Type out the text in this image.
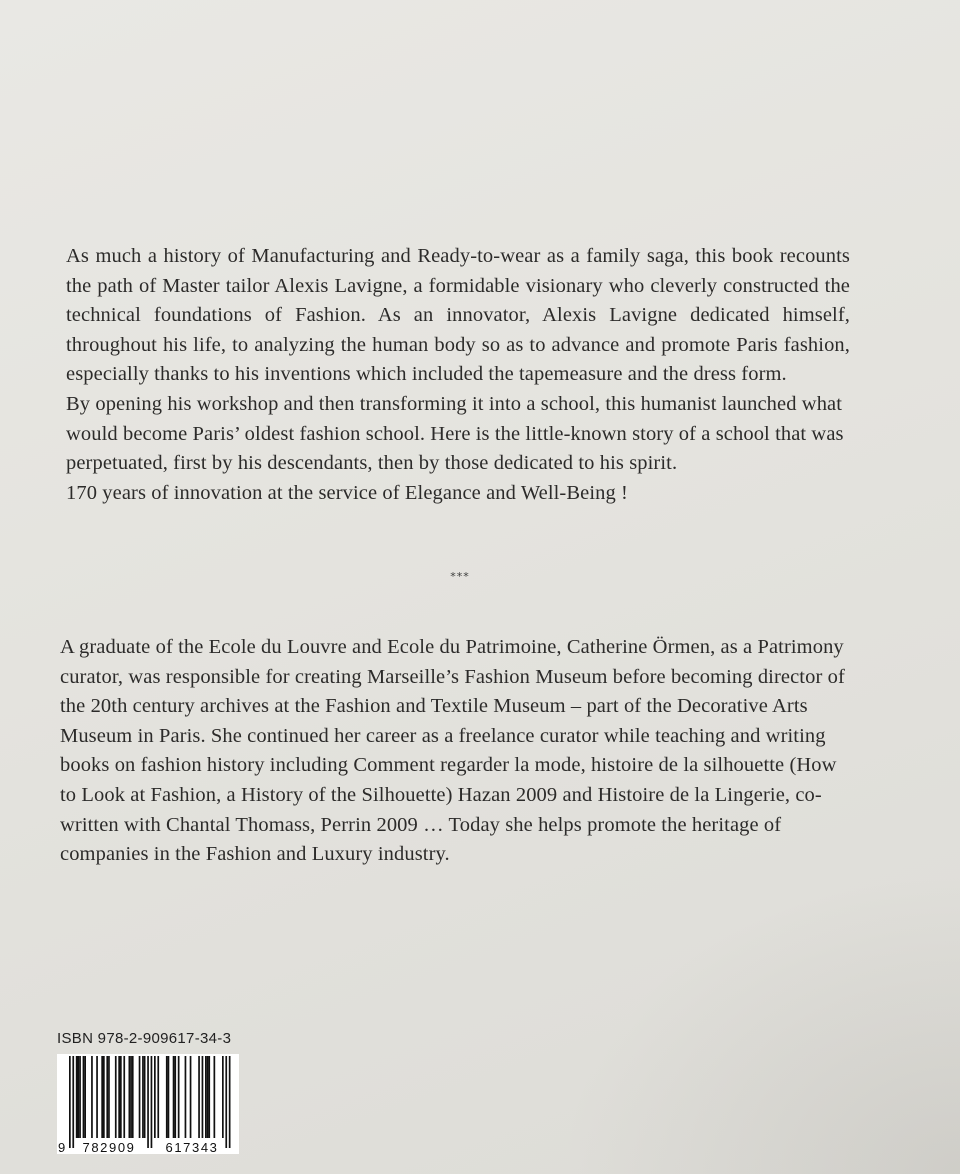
As much a history of Manufacturing and Ready-to-wear as a family saga, this book recounts the path of Master tailor Alexis Lavigne, a formidable visionary who cleverly constructed the technical foundations of Fashion. As an innovator, Alexis Lavigne dedicated himself, throughout his life, to analyzing the human body so as to advance and promote Paris fashion, especially thanks to his inventions which included the tapemeasure and the dress form.

By opening his workshop and then transforming it into a school, this humanist launched what would become Paris’ oldest fashion school. Here is the little-known story of a school that was perpetuated, first by his descendants, then by those dedicated to his spirit.

170 years of innovation at the service of Elegance and Well-Being !

***

A graduate of the Ecole du Louvre and Ecole du Patrimoine, Catherine Örmen, as a Patrimony curator, was responsible for creating Marseille’s Fashion Museum before becoming director of the 20th century archives at the Fashion and Textile Museum – part of the Decorative Arts Museum in Paris. She continued her career as a freelance curator while teaching and writing books on fashion history including Comment regarder la mode, histoire de la silhouette (How to Look at Fashion, a History of the Silhouette) Hazan 2009 and Histoire de la Lingerie, co-written with Chantal Thomass, Perrin 2009 … Today she helps promote the heritage of companies in the Fashion and Luxury industry.

ISBN 978-2-909617-34-3
9 782909 617343
